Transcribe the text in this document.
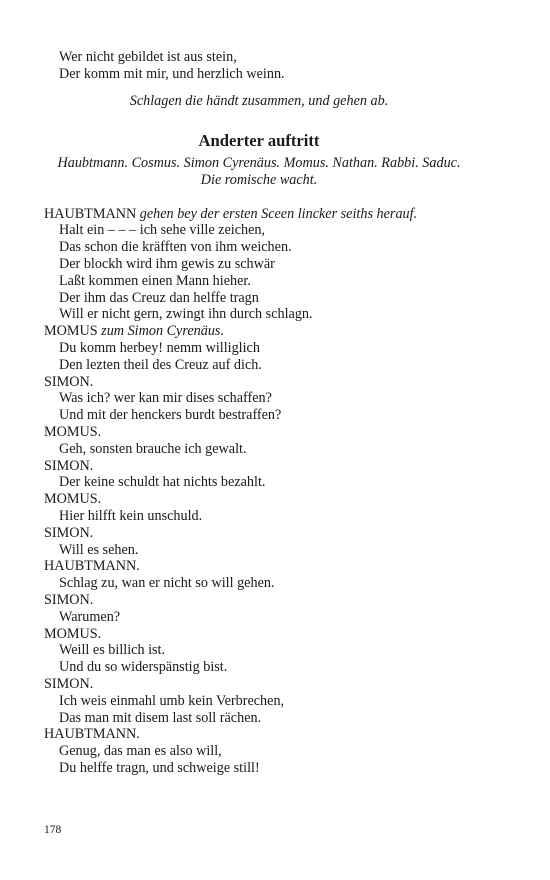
Wer nicht gebildet ist aus stein,
Der komm mit mir, und herzlich weinn.
Schlagen die händt zusammen, und gehen ab.
Anderter auftritt
Haubtmann. Cosmus. Simon Cyrenäus. Momus. Nathan. Rabbi. Saduc.
Die romische wacht.
HAUBTMANN gehen bey der ersten Sceen lincker seiths herauf.
Halt ein – – – ich sehe ville zeichen,
Das schon die kräfften von ihm weichen.
Der blockh wird ihm gewis zu schwär
Laßt kommen einen Mann hieher.
Der ihm das Creuz dan helffe tragn
Will er nicht gern, zwingt ihn durch schlagn.
MOMUS zum Simon Cyrenäus.
Du komm herbey! nemm williglich
Den lezten theil des Creuz auf dich.
SIMON.
Was ich? wer kan mir dises schaffen?
Und mit der henckers burdt bestraffen?
MOMUS.
Geh, sonsten brauche ich gewalt.
SIMON.
Der keine schuldt hat nichts bezahlt.
MOMUS.
Hier hilfft kein unschuld.
SIMON.
Will es sehen.
HAUBTMANN.
Schlag zu, wan er nicht so will gehen.
SIMON.
Warumen?
MOMUS.
Weill es billich ist.
Und du so widerspänstig bist.
SIMON.
Ich weis einmahl umb kein Verbrechen,
Das man mit disem last soll rächen.
HAUBTMANN.
Genug, das man es also will,
Du helffe tragn, und schweige still!
178
